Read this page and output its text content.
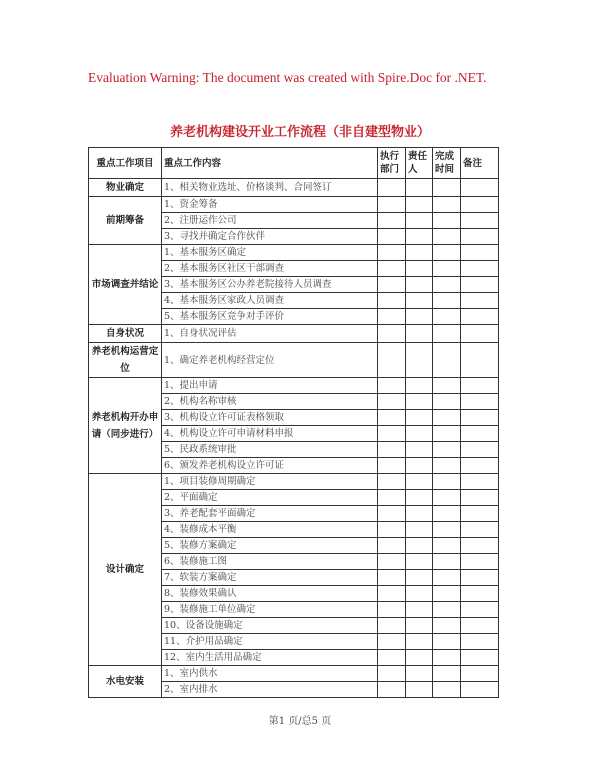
Evaluation Warning: The document was created with Spire.Doc for .NET.
养老机构建设开业工作流程（非自建型物业）
重点工作项目	重点工作内容	执行部门	责任人	完成时间	备注
物业确定	1、相关物业选址、价格谈判、合同签订				
前期筹备	1、资金筹备				
	2、注册运作公司				
	3、寻找并确定合作伙伴				
市场调查并结论	1、基本服务区确定				
	2、基本服务区社区干部调查				
	3、基本服务区公办养老院接待人员调查				
	4、基本服务区家政人员调查				
	5、基本服务区竞争对手评价				
自身状况	1、自身状况评估				
养老机构运营定位	1、确定养老机构经营定位				
养老机构开办申请（同步进行）	1、提出申请				
	2、机构名称审核				
	3、机构设立许可证表格领取				
	4、机构设立许可申请材料申报				
	5、民政系统审批				
	6、颁发养老机构设立许可证				
设计确定	1、项目装修周期确定				
	2、平面确定				
	3、养老配套平面确定				
	4、装修成本平衡				
	5、装修方案确定				
	6、装修施工图				
	7、软装方案确定				
	8、装修效果确认				
	9、装修施工单位确定				
	10、设备设施确定				
	11、介护用品确定				
	12、室内生活用品确定				
水电安装	1、室内供水				
	2、室内排水				
第1 页/总5 页
